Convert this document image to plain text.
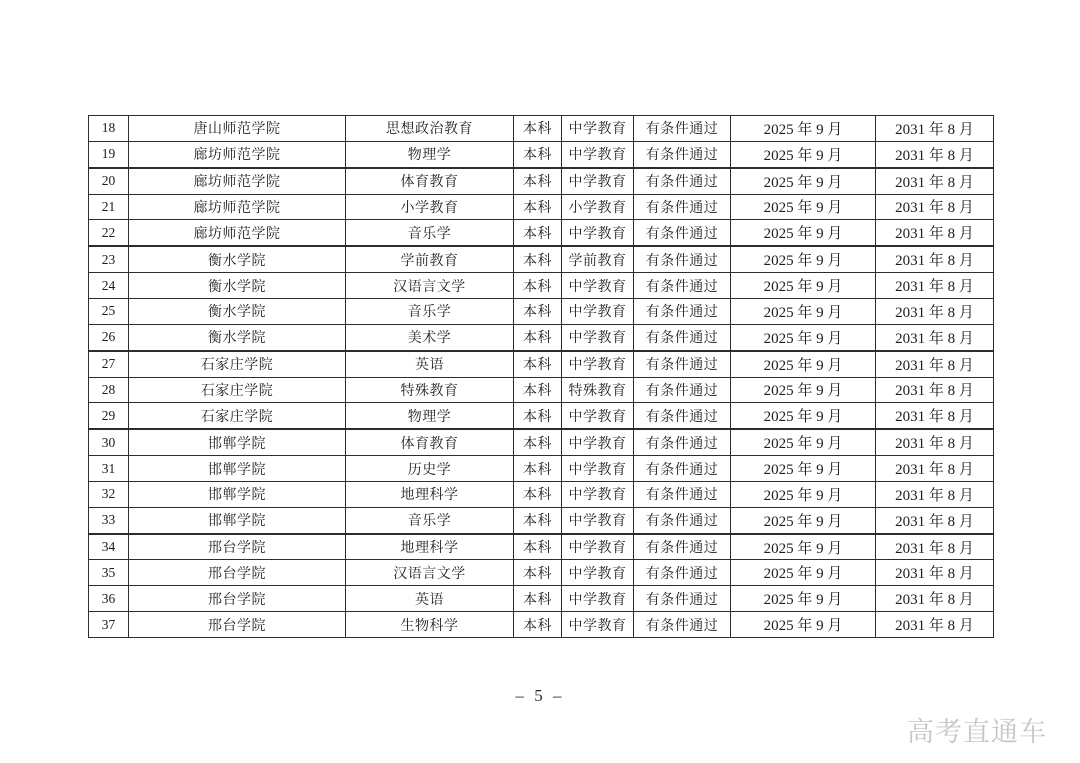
18	唐山师范学院	思想政治教育	本科	中学教育	有条件通过	2025 年 9 月	2031 年 8 月
19	廊坊师范学院	物理学	本科	中学教育	有条件通过	2025 年 9 月	2031 年 8 月
20	廊坊师范学院	体育教育	本科	中学教育	有条件通过	2025 年 9 月	2031 年 8 月
21	廊坊师范学院	小学教育	本科	小学教育	有条件通过	2025 年 9 月	2031 年 8 月
22	廊坊师范学院	音乐学	本科	中学教育	有条件通过	2025 年 9 月	2031 年 8 月
23	衡水学院	学前教育	本科	学前教育	有条件通过	2025 年 9 月	2031 年 8 月
24	衡水学院	汉语言文学	本科	中学教育	有条件通过	2025 年 9 月	2031 年 8 月
25	衡水学院	音乐学	本科	中学教育	有条件通过	2025 年 9 月	2031 年 8 月
26	衡水学院	美术学	本科	中学教育	有条件通过	2025 年 9 月	2031 年 8 月
27	石家庄学院	英语	本科	中学教育	有条件通过	2025 年 9 月	2031 年 8 月
28	石家庄学院	特殊教育	本科	特殊教育	有条件通过	2025 年 9 月	2031 年 8 月
29	石家庄学院	物理学	本科	中学教育	有条件通过	2025 年 9 月	2031 年 8 月
30	邯郸学院	体育教育	本科	中学教育	有条件通过	2025 年 9 月	2031 年 8 月
31	邯郸学院	历史学	本科	中学教育	有条件通过	2025 年 9 月	2031 年 8 月
32	邯郸学院	地理科学	本科	中学教育	有条件通过	2025 年 9 月	2031 年 8 月
33	邯郸学院	音乐学	本科	中学教育	有条件通过	2025 年 9 月	2031 年 8 月
34	邢台学院	地理科学	本科	中学教育	有条件通过	2025 年 9 月	2031 年 8 月
35	邢台学院	汉语言文学	本科	中学教育	有条件通过	2025 年 9 月	2031 年 8 月
36	邢台学院	英语	本科	中学教育	有条件通过	2025 年 9 月	2031 年 8 月
37	邢台学院	生物科学	本科	中学教育	有条件通过	2025 年 9 月	2031 年 8 月
– 5 –
高考直通车
